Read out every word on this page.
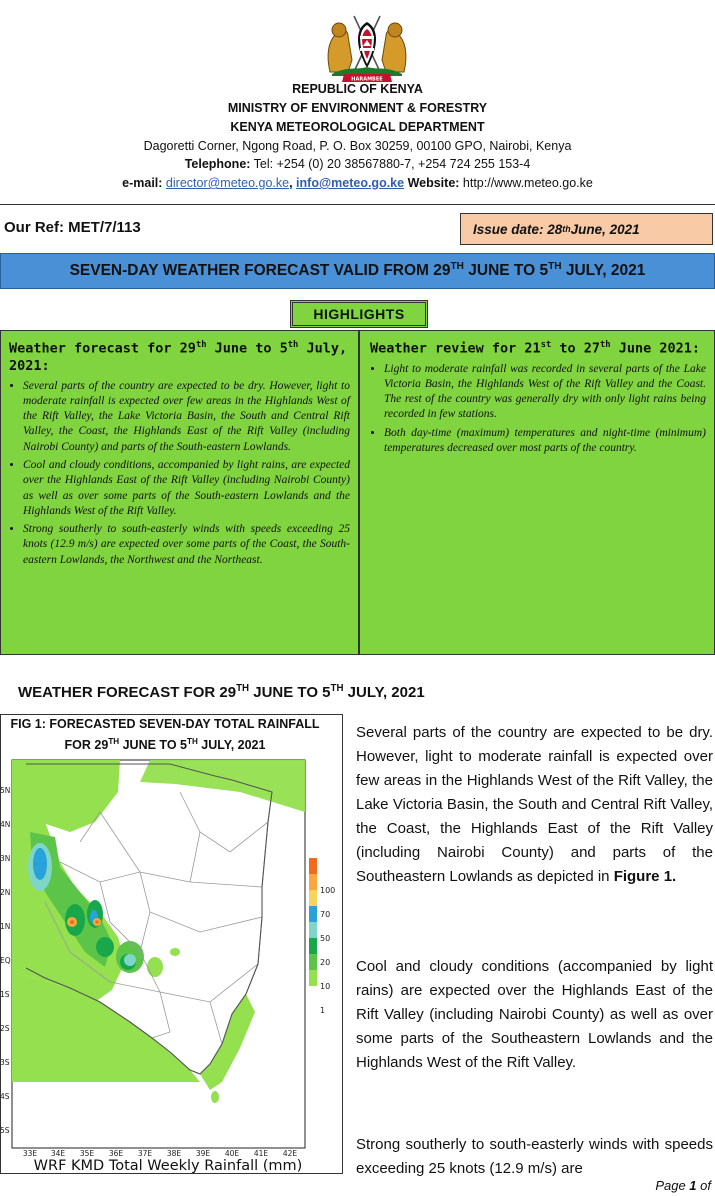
HARAMBEE
REPUBLIC OF KENYA
MINISTRY OF ENVIRONMENT & FORESTRY
KENYA METEOROLOGICAL DEPARTMENT
Dagoretti Corner, Ngong Road, P. O. Box 30259, 00100 GPO, Nairobi, Kenya
Telephone: Tel: +254 (0) 20 38567880-7, +254 724 255 153-4
e-mail: director@meteo.go.ke, info@meteo.go.ke Website: http://www.meteo.go.ke
Our Ref: MET/7/113	Issue date: 28 th June, 2021
SEVEN-DAY WEATHER FORECAST VALID FROM 29TH JUNE TO 5TH JULY, 2021
HIGHLIGHTS
Weather forecast for 29th June to 5th July, 2021:
• Several parts of the country are expected to be dry. However, light to moderate rainfall is expected over few areas in the Highlands West of the Rift Valley, the Lake Victoria Basin, the South and Central Rift Valley, the Coast, the Highlands East of the Rift Valley (including Nairobi County) and parts of the South-eastern Lowlands.
• Cool and cloudy conditions, accompanied by light rains, are expected over the Highlands East of the Rift Valley (including Nairobi County) as well as over some parts of the South-eastern Lowlands and the Highlands West of the Rift Valley.
• Strong southerly to south-easterly winds with speeds exceeding 25 knots (12.9 m/s) are expected over some parts of the Coast, the South-eastern Lowlands, the Northwest and the Northeast.
Weather review for 21st to 27th June 2021:
• Light to moderate rainfall was recorded in several parts of the Lake Victoria Basin, the Highlands West of the Rift Valley and the Coast. The rest of the country was generally dry with only light rains being recorded in few stations.
• Both day-time (maximum) temperatures and night-time (minimum) temperatures decreased over most parts of the country.
WEATHER FORECAST FOR 29TH JUNE TO 5TH JULY, 2021
FIG 1: FORECASTED SEVEN-DAY TOTAL RAINFALL
FOR 29TH JUNE TO 5TH JULY, 2021
5N
4N
3N
2N
1N
EQ
1S
2S
3S
4S
5S
33E 34E 35E 36E 37E 38E 39E 40E 41E 42E
100
70
50
20
10
1
WRF KMD Total Weekly Rainfall (mm)
Several parts of the country are expected to be dry. However, light to moderate rainfall is expected over few areas in the Highlands West of the Rift Valley, the Lake Victoria Basin, the South and Central Rift Valley, the Coast, the Highlands East of the Rift Valley (including Nairobi County) and parts of the Southeastern Lowlands as depicted in Figure 1.
Cool and cloudy conditions (accompanied by light rains) are expected over the Highlands East of the Rift Valley (including Nairobi County) as well as over some parts of the Southeastern Lowlands and the Highlands West of the Rift Valley.
Strong southerly to south-easterly winds with speeds exceeding 25 knots (12.9 m/s) are
Page 1 of
